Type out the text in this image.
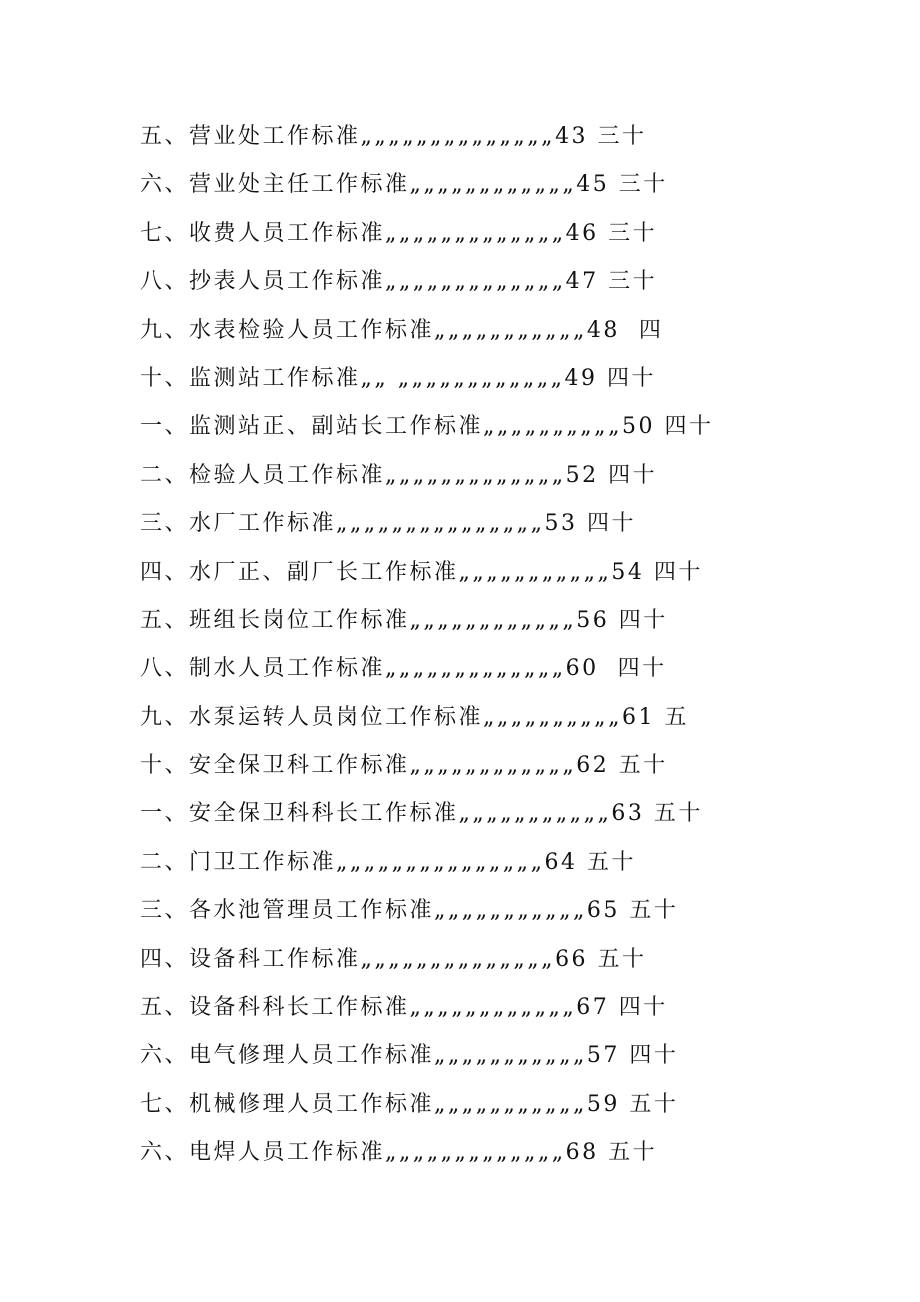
五、营业处工作标准„„„„„„„„„„„„„„43 三十
六、营业处主任工作标准„„„„„„„„„„„„45 三十
七、收费人员工作标准„„„„„„„„„„„„„46 三十
八、抄表人员工作标准„„„„„„„„„„„„„47 三十
九、水表检验人员工作标准„„„„„„„„„„„48  四
十、监测站工作标准„„ „„„„„„„„„„„„49 四十
一、监测站正、副站长工作标准„„„„„„„„„„50 四十
二、检验人员工作标准„„„„„„„„„„„„„52 四十
三、水厂工作标准„„„„„„„„„„„„„„„53 四十
四、水厂正、副厂长工作标准„„„„„„„„„„„54 四十
五、班组长岗位工作标准„„„„„„„„„„„„56 四十
八、制水人员工作标准„„„„„„„„„„„„„60  四十
九、水泵运转人员岗位工作标准„„„„„„„„„„61 五
十、安全保卫科工作标准„„„„„„„„„„„„62 五十
一、安全保卫科科长工作标准„„„„„„„„„„„63 五十
二、门卫工作标准„„„„„„„„„„„„„„„64 五十
三、各水池管理员工作标准„„„„„„„„„„„65 五十
四、设备科工作标准„„„„„„„„„„„„„„66 五十
五、设备科科长工作标准„„„„„„„„„„„„67 四十
六、电气修理人员工作标准„„„„„„„„„„„57 四十
七、机械修理人员工作标准„„„„„„„„„„„59 五十
六、电焊人员工作标准„„„„„„„„„„„„„68 五十
